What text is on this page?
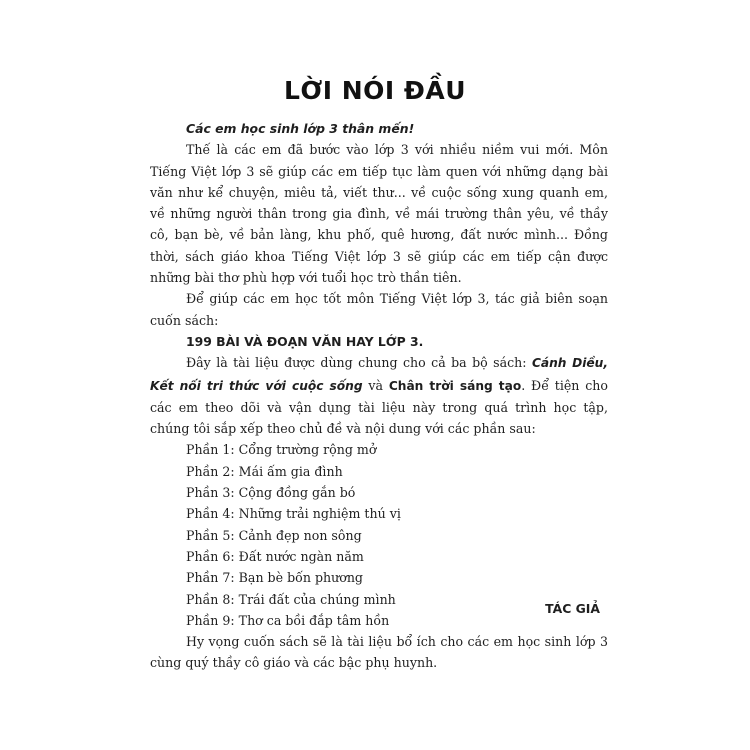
LỜI NÓI ĐẦU

Các em học sinh lớp 3 thân mến!

Thế là các em đã bước vào lớp 3 với nhiều niềm vui mới. Môn Tiếng Việt lớp 3 sẽ giúp các em tiếp tục làm quen với những dạng bài văn như kể chuyện, miêu tả, viết thư... về cuộc sống xung quanh em, về những người thân trong gia đình, về mái trường thân yêu, về thầy cô, bạn bè, về bản làng, khu phố, quê hương, đất nước mình... Đồng thời, sách giáo khoa Tiếng Việt lớp 3 sẽ giúp các em tiếp cận được những bài thơ phù hợp với tuổi học trò thần tiên.

Để giúp các em học tốt môn Tiếng Việt lớp 3, tác giả biên soạn cuốn sách:

199 BÀI VÀ ĐOẠN VĂN HAY LỚP 3.

Đây là tài liệu được dùng chung cho cả ba bộ sách: Cánh Diều, Kết nối tri thức với cuộc sống và Chân trời sáng tạo. Để tiện cho các em theo dõi và vận dụng tài liệu này trong quá trình học tập, chúng tôi sắp xếp theo chủ đề và nội dung với các phần sau:

Phần 1: Cổng trường rộng mở
Phần 2: Mái ấm gia đình
Phần 3: Cộng đồng gắn bó
Phần 4: Những trải nghiệm thú vị
Phần 5: Cảnh đẹp non sông
Phần 6: Đất nước ngàn năm
Phần 7: Bạn bè bốn phương
Phần 8: Trái đất của chúng mình
Phần 9: Thơ ca bồi đắp tâm hồn

Hy vọng cuốn sách sẽ là tài liệu bổ ích cho các em học sinh lớp 3 cùng quý thầy cô giáo và các bậc phụ huynh.

TÁC GIẢ
